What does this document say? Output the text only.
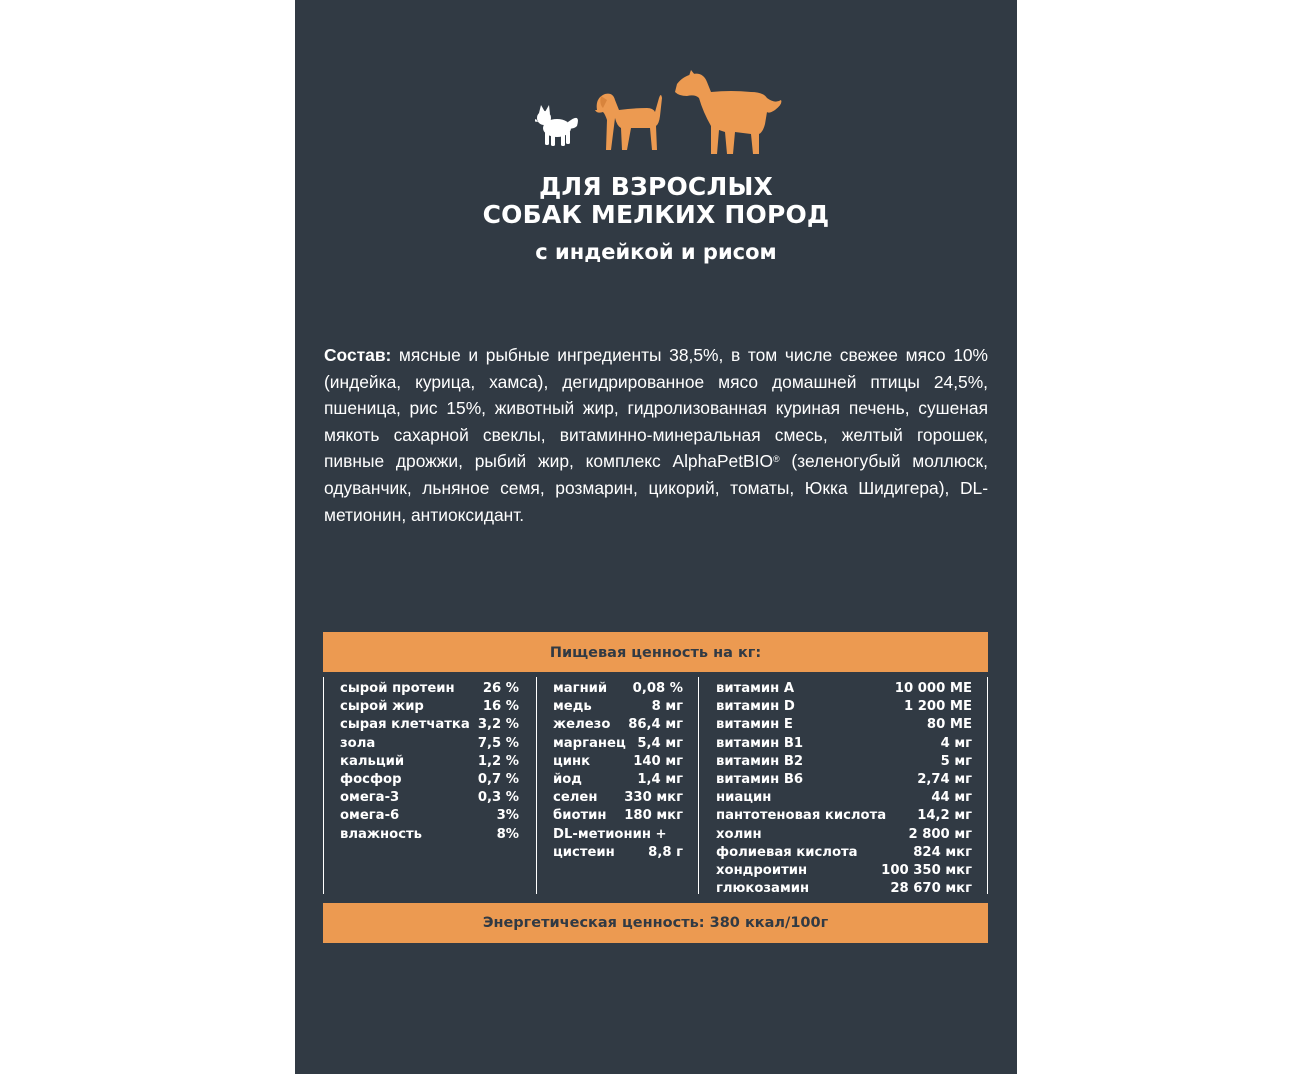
ДЛЯ ВЗРОСЛЫХ
СОБАК МЕЛКИХ ПОРОД
с индейкой и рисом
Состав: мясные и рыбные ингредиенты 38,5%, в том числе свежее мясо 10% (индейка, курица, хамса), дегидрированное мясо домашней птицы 24,5%, пшеница, рис 15%, животный жир, гидролизованная куриная печень, сушеная мякоть сахарной свеклы, витаминно-минеральная смесь, желтый горошек, пивные дрожжи, рыбий жир, комплекс AlphaPetBIO® (зеленогубый моллюск, одуванчик, льняное семя, розмарин, цикорий, томаты, Юкка Шидигера), DL-метионин, антиоксидант.
Пищевая ценность на кг:
сырой протеин 26 %
сырой жир	16 %
сырая клетчатка 3,2 %
зола	7,5 %
кальций	1,2 %
фосфор	0,7 %
омега-3	0,3 %
омега-6	3%
влажность	8%
магний 0,08 %
медь	8 мг
железо 86,4 мг
марганец 5,4 мг
цинк	140 мг
йод	1,4 мг
селен 330 мкг
биотин 180 мкг
DL-метионин +
цистеин	8,8 г
витамин А	10 000 МЕ
витамин D	1 200 МЕ
витамин Е	80 МЕ
витамин В1	4 мг
витамин В2	5 мг
витамин В6	2,74 мг
ниацин	44 мг
пантотеновая кислота 14,2 мг
холин	2 800 мг
фолиевая кислота	824 мкг
хондроитин	100 350 мкг
глюкозамин	28 670 мкг
Энергетическая ценность: 380 ккал/100г
